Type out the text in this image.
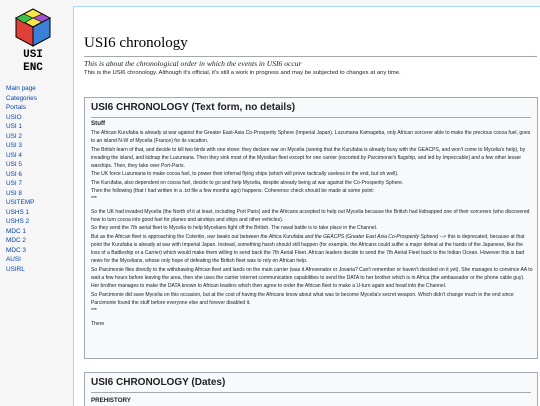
USI
ENC
Main page
Categories
Portals
USIO
USI 1
USI 2
USI 3
USI 4
USI 5
USI 6
USI 7
USI 8
USITEMP
USHS 1
USHS 2
MDC 1
MDC 2
MDC 3
AUSI
USIRL
USI6 chronology
This is about the chronological order in which the events in USI6 occur
This is the USI6 chronology. Although it's official, it's still a work in progress and may be subjected to changes at any time.
USI6 CHRONOLOGY (Text form, no details)
Stuff

The African Kurufaba is already at war against the Greater East-Asia Co-Prosperity Sphere (Imperial Japan). Luzumana Kamageba, only African sorcerer able to make the precious cocoa fuel, goes to an island N-W of Mycelia (France) for its vacation.

The British learn of that, and decide to kill two birds with one stone: they declare war on Mycelia (seeing that the Kurufaba is already busy with the GEACPS, and won't come to Mycelia's help), by invading the island, and kidnap the Luzumana. Then they sink most of the Mycelian fleet except for one carrier (escorted by Parcimonie's flagship, and led by Impeccable) and a few other lesser warships. Then, they take over Port-Paris.

The UK force Luzumana to make cocoa fuel, to power their infernal flying ships (which will prove tactically useless in the end, but oh well).

The Kurufaba, also dependent on cocoa fuel, decide to go and help Mycelia, despite already being at war against the Co-Prosperity Sphere.

Then the following (that I had written in a .txt file a few months ago) happens. Coherence check should be made at some point:

***

So the UK had invaded Mycelia (the North of it at least, including Port Paris) and the Africans accepted to help out Mycelia because the British had kidnapped one of their sorcerers (who discovered how to turn cocoa into good fuel for planes and airships and ships and other vehicles).

So they send the 7th aerial fleet to Mycelia to help Mycelians fight off the British. The naval battle is to take place in the Channel.

But as the African fleet is approaching the Cotentin, war beaks out between the Africa Kurufaba and the GEACPS (Greater East Asia Co-Prosperity Sphere) --> this is deprecated, because at that point the Kurufaba is already at war with Imperial Japan. Instead, something harsh should still happen (for example, the Africans could suffer a major defeat at the hands of the Japanese, like the loss of a Battleship or a Carrier) which would make them willing to send back the 7th Aerial Fleet. African leaders decide to send the 7th Aerial Fleet back to the Indian Ocean. However this is bad news for the Mycelians, whose only hope of defeating the British fleet was to rely on African help.

So Parcimonie flies directly to the withdrawing African fleet and lands on the main carrier (was it Afrovenator or Jovaria? Can't remember or haven't decided on it yet). She manages to convince AA to wait a few hours before leaving the area, then she uses the carrier internet communication capabilities to send the DATA to her brother which is in Africa (the ambassador or the phone cable guy). Her brother manages to make the DATA known to African leaders which then agree to order the African fleet to make a U-turn again and head into the Channel.

So Parcimonie did save Mycelia on this occasion, but at the cost of having the Africans know about what was to become Mycelia's secret weapon. Which didn't change much in the end since Parcimonie found the stuff before everyone else and forever disabled it.

***

There

USI6 CHRONOLOGY (Dates)
PREHISTORY
